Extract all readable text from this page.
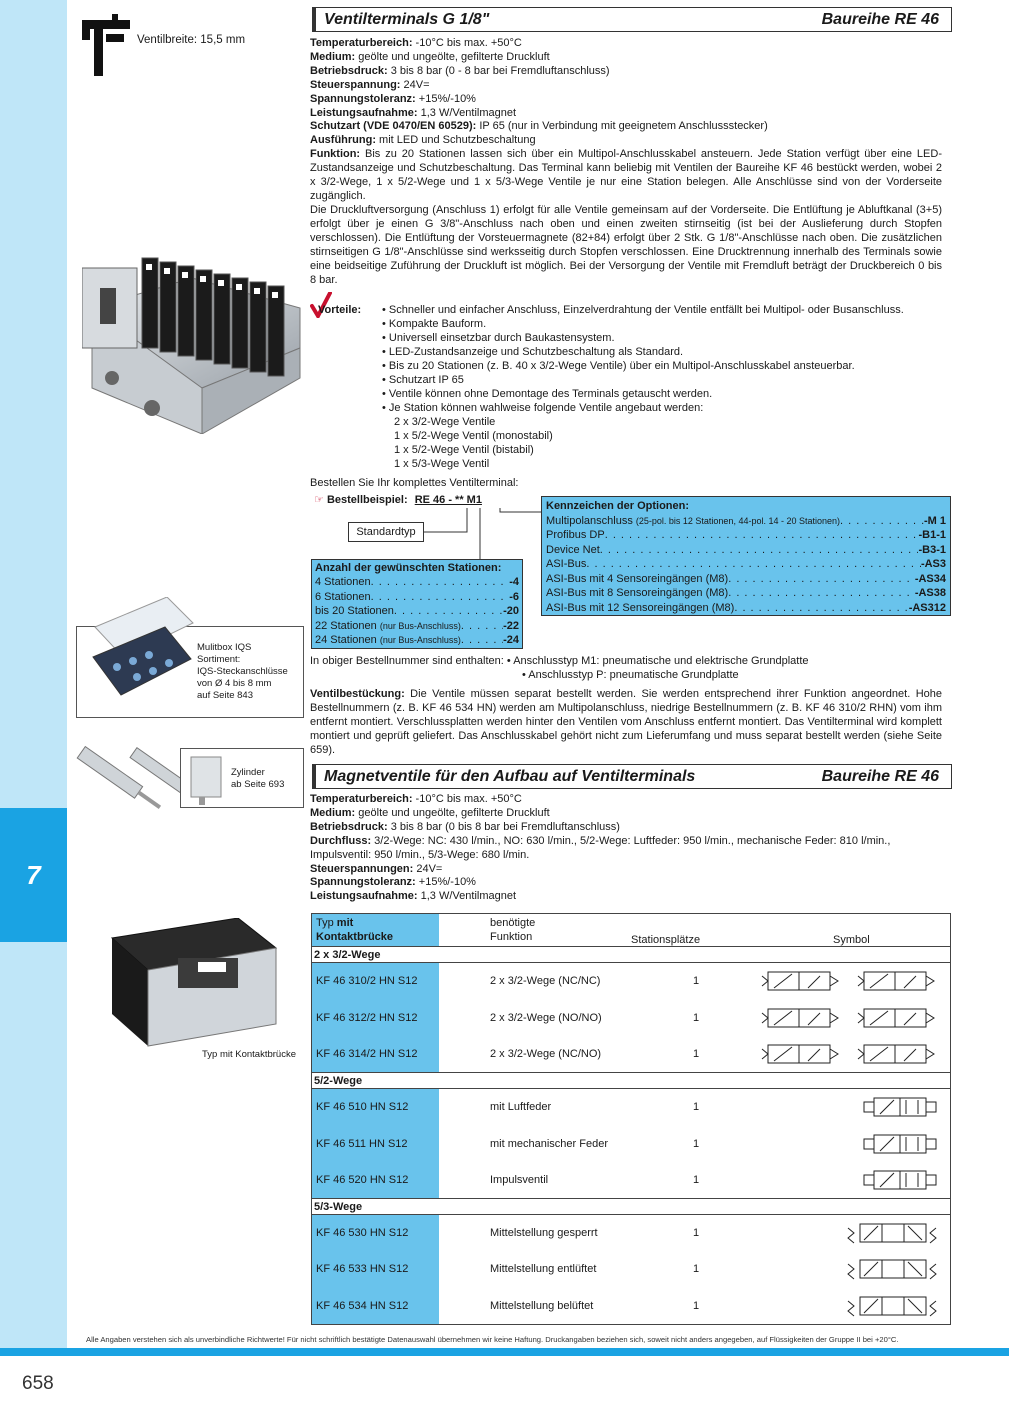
7
658
Alle Angaben verstehen sich als unverbindliche Richtwerte! Für nicht schriftlich bestätigte Datenauswahl übernehmen wir keine Haftung. Druckangaben beziehen sich, soweit nicht anders angegeben, auf Flüssigkeiten der Gruppe II bei +20°C.
Ventilbreite: 15,5 mm
Ventilterminals G 1/8"	Baureihe RE 46
Temperaturbereich: -10°C bis max. +50°C
Medium: geölte und ungeölte, gefilterte Druckluft
Betriebsdruck: 3 bis 8 bar (0 - 8 bar bei Fremdluftanschluss)
Steuerspannung: 24V=
Spannungstoleranz: +15%/-10%
Leistungsaufnahme: 1,3 W/Ventilmagnet
Schutzart (VDE 0470/EN 60529): IP 65 (nur in Verbindung mit geeignetem Anschlussstecker)
Ausführung: mit LED und Schutzbeschaltung
Funktion: Bis zu 20 Stationen lassen sich über ein Multipol-Anschlusskabel ansteuern. Jede Station verfügt über eine LED-Zustandsanzeige und Schutzbeschaltung. Das Terminal kann beliebig mit Ventilen der Baureihe KF 46 bestückt werden, wobei 2 x 3/2-Wege, 1 x 5/2-Wege und 1 x 5/3-Wege Ventile je nur eine Station belegen. Alle Anschlüsse sind von der Vorderseite zugänglich.
Die Druckluftversorgung (Anschluss 1) erfolgt für alle Ventile gemeinsam auf der Vorderseite. Die Entlüftung je Abluftkanal (3+5) erfolgt über je einen G 3/8"-Anschluss nach oben und einen zweiten stirnseitig (ist bei der Auslieferung durch Stopfen verschlossen). Die Entlüftung der Vorsteuermagnete (82+84) erfolgt über 2 Stk. G 1/8"-Anschlüsse nach oben. Die zusätzlichen stirnseitigen G 1/8"-Anschlüsse sind werksseitig durch Stopfen verschlossen. Eine Drucktrennung innerhalb des Terminals sowie eine beidseitige Zuführung der Druckluft ist möglich. Bei der Versorgung der Ventile mit Fremdluft beträgt der Druckbereich 0 bis 8 bar.
Vorteile: • Schneller und einfacher Anschluss, Einzelverdrahtung der Ventile entfällt bei Multipol- oder Busanschluss.
• Kompakte Bauform.
• Universell einsetzbar durch Baukastensystem.
• LED-Zustandsanzeige und Schutzbeschaltung als Standard.
• Bis zu 20 Stationen (z. B. 40 x 3/2-Wege Ventile) über ein Multipol-Anschlusskabel ansteuerbar.
• Schutzart IP 65
• Ventile können ohne Demontage des Terminals getauscht werden.
• Je Station können wahlweise folgende Ventile angebaut werden:
2 x 3/2-Wege Ventile
1 x 5/2-Wege Ventil (monostabil)
1 x 5/2-Wege Ventil (bistabil)
1 x 5/3-Wege Ventil
Bestellen Sie Ihr komplettes Ventilterminal:
☞ Bestellbeispiel: RE 46 - ** M1
Standardtyp
Kennzeichen der Optionen:
Multipolanschluss (25-pol. bis 12 Stationen, 44-pol. 14 - 20 Stationen) . . .	-M 1
Profibus DP . . .	-B1-1
Device Net . . .	-B3-1
ASI-Bus . . .	-AS3
ASI-Bus mit 4 Sensoreingängen (M8) . . .	-AS34
ASI-Bus mit 8 Sensoreingängen (M8) . . .	-AS38
ASI-Bus mit 12 Sensoreingängen (M8) . . .	-AS312
Anzahl der gewünschten Stationen:
4 Stationen . . .	-4
6 Stationen . . .	-6
bis 20 Stationen . . .	-20
22 Stationen (nur Bus-Anschluss) . . .	-22
24 Stationen (nur Bus-Anschluss) . . .	-24
In obiger Bestellnummer sind enthalten: • Anschlusstyp M1: pneumatische und elektrische Grundplatte
• Anschlusstyp P: pneumatische Grundplatte
Ventilbestückung: Die Ventile müssen separat bestellt werden. Sie werden entsprechend ihrer Funktion angeordnet. Hohe Bestellnummern (z. B. KF 46 534 HN) werden am Multipolanschluss, niedrige Bestellnummern (z. B. KF 46 310/2 RHN) vom ihm entfernt montiert. Verschlussplatten werden hinter den Ventilen vom Anschluss entfernt montiert. Das Ventilterminal wird komplett montiert und geprüft geliefert. Das Anschlusskabel gehört nicht zum Lieferumfang und muss separat bestellt werden (siehe Seite 659).
Mulitbox IQS
Sortiment:
IQS-Steckanschlüsse
von Ø 4 bis 8 mm
auf Seite 843
Zylinder
ab Seite 693 Magnetventile für den Aufbau auf Ventilterminals	Baureihe RE 46
Temperaturbereich: -10°C bis max. +50°C
Medium: geölte und ungeölte, gefilterte Druckluft
Betriebsdruck: 3 bis 8 bar (0 bis 8 bar bei Fremdluftanschluss)
Durchfluss: 3/2-Wege: NC: 430 l/min., NO: 630 l/min., 5/2-Wege: Luftfeder: 950 l/min., mechanische Feder: 810 l/min., Impulsventil: 950 l/min., 5/3-Wege: 680 l/min.
Steuerspannungen: 24V=
Spannungstoleranz: +15%/-10%
Leistungsaufnahme: 1,3 W/Ventilmagnet
Typ mit Kontaktbrücke
Typ mit
Kontaktbrücke
benötigte
Funktion	Stationsplätze	Symbol
2 x 3/2-Wege
KF 46 310/2 HN S12	2 x 3/2-Wege (NC/NC)	1
KF 46 312/2 HN S12	2 x 3/2-Wege (NO/NO)	1
KF 46 314/2 HN S12	2 x 3/2-Wege (NC/NO)	1
5/2-Wege
KF 46 510 HN S12	mit Luftfeder	1
KF 46 511 HN S12	mit mechanischer Feder	1
KF 46 520 HN S12	Impulsventil	1
5/3-Wege
KF 46 530 HN S12	Mittelstellung gesperrt	1
KF 46 533 HN S12	Mittelstellung entlüftet	1
KF 46 534 HN S12	Mittelstellung belüftet	1
